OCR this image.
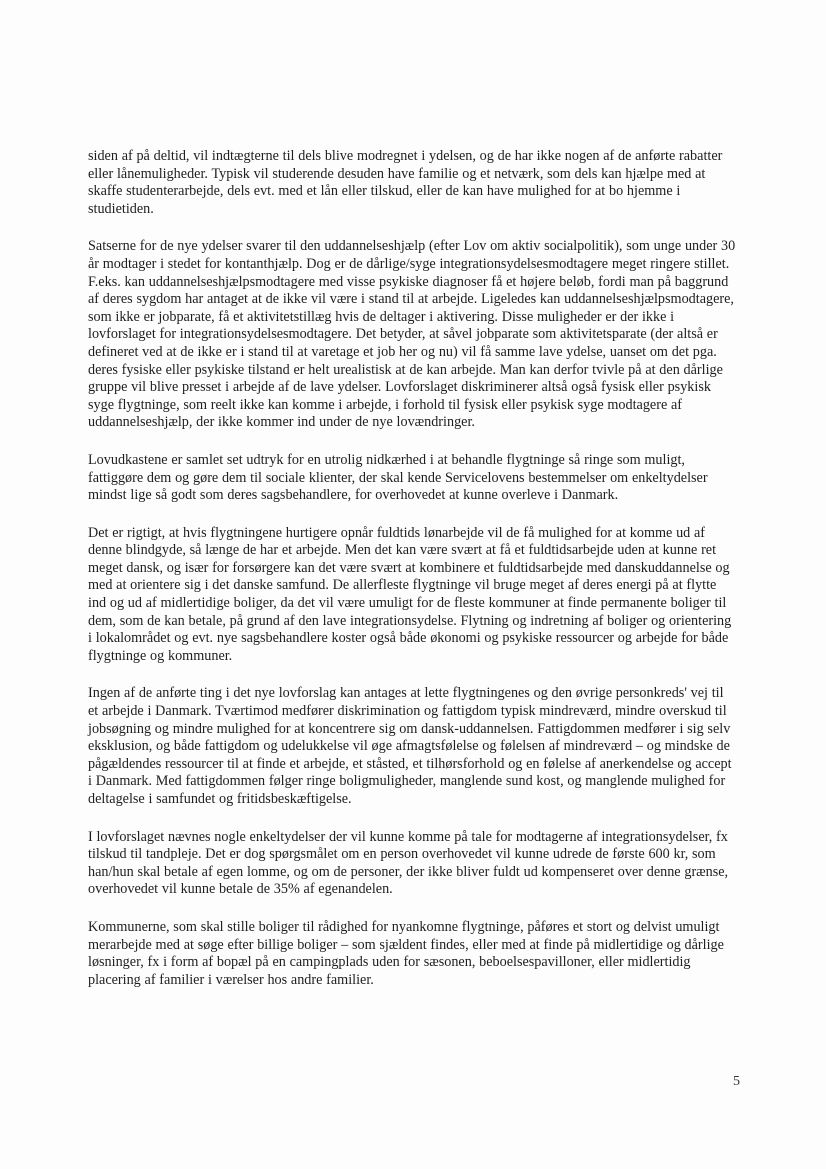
siden af på deltid, vil indtægterne til dels blive modregnet i ydelsen, og de har ikke nogen af de anførte rabatter eller lånemuligheder. Typisk vil studerende desuden have familie og et netværk, som dels kan hjælpe med at skaffe studenterarbejde, dels evt. med et lån eller tilskud, eller de kan have mulighed for at bo hjemme i studietiden.

Satserne for de nye ydelser svarer til den uddannelseshjælp (efter Lov om aktiv socialpolitik), som unge under 30 år modtager i stedet for kontanthjælp. Dog er de dårlige/syge integrationsydelsesmodtagere meget ringere stillet. F.eks. kan uddannelseshjælpsmodtagere med visse psykiske diagnoser få et højere beløb, fordi man på baggrund af deres sygdom har antaget at de ikke vil være i stand til at arbejde. Ligeledes kan uddannelseshjælpsmodtagere, som ikke er jobparate, få et aktivitetstillæg hvis de deltager i aktivering. Disse muligheder er der ikke i lovforslaget for integrationsydelsesmodtagere. Det betyder, at såvel jobparate som aktivitetsparate (der altså er defineret ved at de ikke er i stand til at varetage et job her og nu) vil få samme lave ydelse, uanset om det pga. deres fysiske eller psykiske tilstand er helt urealistisk at de kan arbejde. Man kan derfor tvivle på at den dårlige gruppe vil blive presset i arbejde af de lave ydelser. Lovforslaget diskriminerer altså også fysisk eller psykisk syge flygtninge, som reelt ikke kan komme i arbejde, i forhold til fysisk eller psykisk syge modtagere af uddannelseshjælp, der ikke kommer ind under de nye lovændringer.

Lovudkastene er samlet set udtryk for en utrolig nidkærhed i at behandle flygtninge så ringe som muligt, fattiggøre dem og gøre dem til sociale klienter, der skal kende Servicelovens bestemmelser om enkeltydelser mindst lige så godt som deres sagsbehandlere, for overhovedet at kunne overleve i Danmark.

Det er rigtigt, at hvis flygtningene hurtigere opnår fuldtids lønarbejde vil de få mulighed for at komme ud af denne blindgyde, så længe de har et arbejde. Men det kan være svært at få et fuldtidsarbejde uden at kunne ret meget dansk, og især for forsørgere kan det være svært at kombinere et fuldtidsarbejde med danskuddannelse og med at orientere sig i det danske samfund. De allerfleste flygtninge vil bruge meget af deres energi på at flytte ind og ud af midlertidige boliger, da det vil være umuligt for de fleste kommuner at finde permanente boliger til dem, som de kan betale, på grund af den lave integrationsydelse. Flytning og indretning af boliger og orientering i lokalområdet og evt. nye sagsbehandlere koster også både økonomi og psykiske ressourcer og arbejde for både flygtninge og kommuner.

Ingen af de anførte ting i det nye lovforslag kan antages at lette flygtningenes og den øvrige personkreds' vej til et arbejde i Danmark. Tværtimod medfører diskrimination og fattigdom typisk mindreværd, mindre overskud til jobsøgning og mindre mulighed for at koncentrere sig om dansk-uddannelsen. Fattigdommen medfører i sig selv eksklusion, og både fattigdom og udelukkelse vil øge afmagtsfølelse og følelsen af mindreværd – og mindske de pågældendes ressourcer til at finde et arbejde, et ståsted, et tilhørsforhold og en følelse af anerkendelse og accept i Danmark. Med fattigdommen følger ringe boligmuligheder, manglende sund kost, og manglende mulighed for deltagelse i samfundet og fritidsbeskæftigelse.

I lovforslaget nævnes nogle enkeltydelser der vil kunne komme på tale for modtagerne af integrationsydelser, fx tilskud til tandpleje. Det er dog spørgsmålet om en person overhovedet vil kunne udrede de første 600 kr, som han/hun skal betale af egen lomme, og om de personer, der ikke bliver fuldt ud kompenseret over denne grænse, overhovedet vil kunne betale de 35% af egenandelen.

Kommunerne, som skal stille boliger til rådighed for nyankomne flygtninge, påføres et stort og delvist umuligt merarbejde med at søge efter billige boliger – som sjældent findes, eller med at finde på midlertidige og dårlige løsninger, fx i form af bopæl på en campingplads uden for sæsonen, beboelsespavilloner, eller midlertidig placering af familier i værelser hos andre familier.

5
